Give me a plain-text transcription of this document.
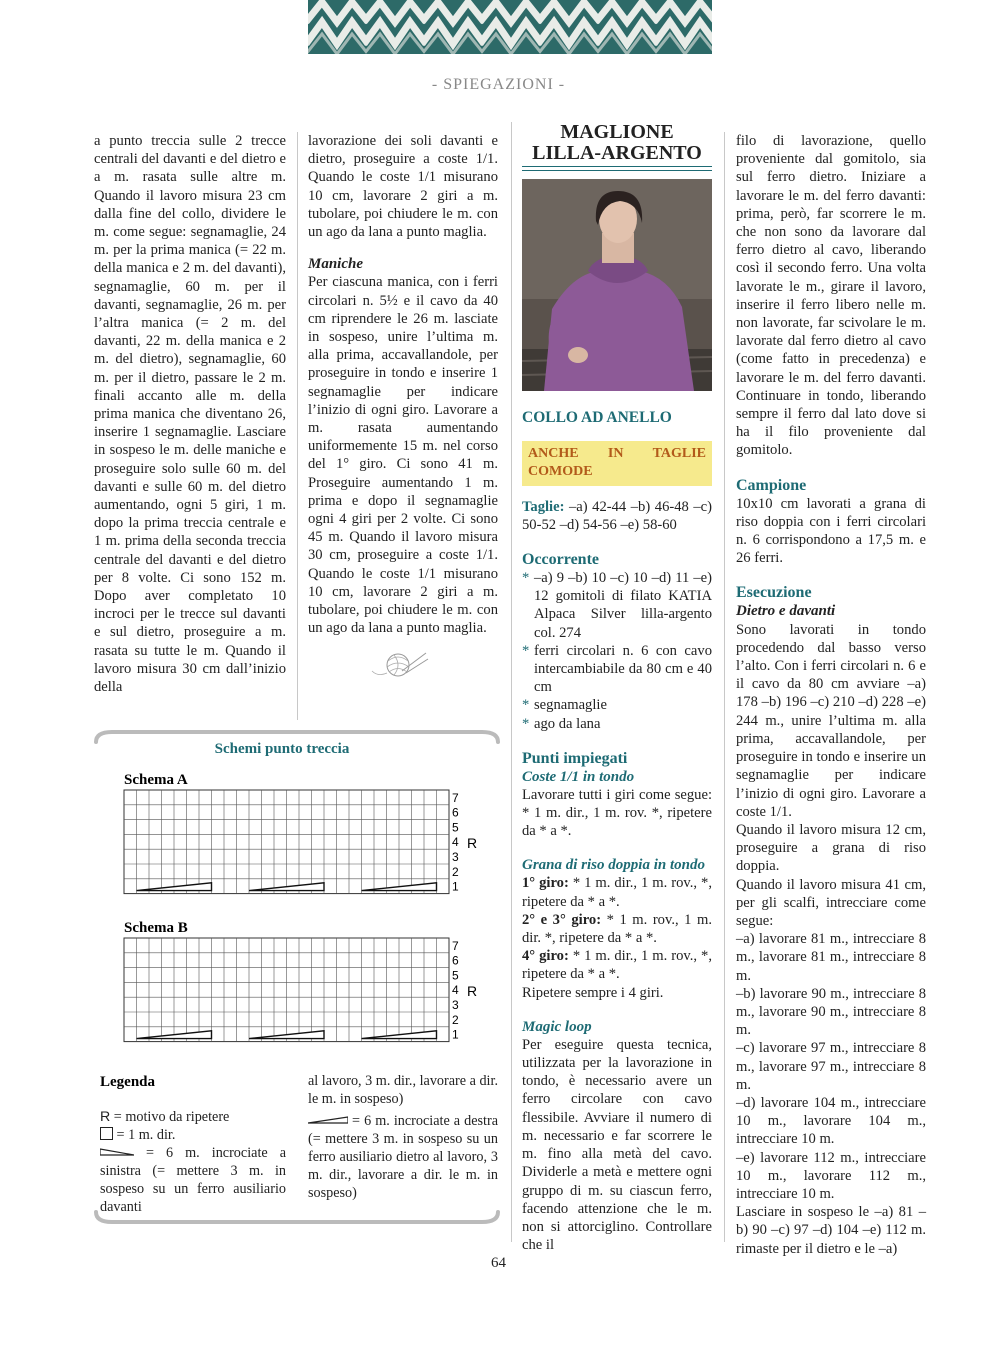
- SPIEGAZIONI -

a punto treccia sulle 2 trecce centrali del davanti e del dietro e a m. rasata sulle altre m. Quando il lavoro misura 23 cm dalla fine del collo, dividere le m. come segue: segnamaglie, 24 m. per la prima manica (= 22 m. della manica e 2 m. del davanti), segnamaglie, 60 m. per il davanti, segnamaglie, 26 m. per l’altra manica (= 2 m. del davanti, 22 m. della manica e 2 m. del dietro), segnamaglie, 60 m. per il dietro, passare le 2 m. finali accanto alle m. della prima manica che diventano 26, inserire 1 segnamaglie. Lasciare in sospeso le m. delle maniche e proseguire solo sulle 60 m. del davanti e sulle 60 m. del dietro aumentando, ogni 5 giri, 1 m. dopo la prima treccia centrale e 1 m. prima della seconda treccia centrale del davanti e del dietro per 8 volte. Ci sono 152 m. Dopo aver completato 10 incroci per le trecce sul davanti e sul dietro, proseguire a m. rasata su tutte le m. Quando il lavoro misura 30 cm dall’inizio della

lavorazione dei soli davanti e dietro, proseguire a coste 1/1. Quando le coste 1/1 misurano 10 cm, lavorare 2 giri a m. tubolare, poi chiudere le m. con un ago da lana a punto maglia.

Maniche

Per ciascuna manica, con i ferri circolari n. 5½ e il cavo da 40 cm riprendere le 26 m. lasciate in sospeso, unire l’ultima m. alla prima, accavallandole, per proseguire in tondo e inserire 1 segnamaglie per indicare l’inizio di ogni giro. Lavorare a m. rasata aumentando uniformemente 15 m. nel corso del 1° giro. Ci sono 41 m. Proseguire aumentando 1 m. prima e dopo il segnamaglie ogni 4 giri per 2 volte. Ci sono 45 m. Quando il lavoro misura 30 cm, proseguire a coste 1/1. Quando le coste 1/1 misurano 10 cm, lavorare 2 giri a m. tubolare, poi chiudere le m. con un ago da lana a punto maglia.

MAGLIONE
LILLA-ARGENTO
COLLO AD ANELLO
ANCHE IN TAGLIE COMODE

Taglie: –a) 42-44 –b) 46-48 –c) 50-52 –d) 54-56 –e) 58-60

Occorrente
* –a) 9 –b) 10 –c) 10 –d) 11 –e) 12 gomitoli di filato KATIA Alpaca Silver lilla-argento col. 274
* ferri circolari n. 6 con cavo intercambiabile da 80 cm e 40 cm
* segnamaglie
* ago da lana
Punti impiegati
Coste 1/1 in tondo

Lavorare tutti i giri come segue: * 1 m. dir., 1 m. rov. *, ripetere da * a *.

Grana di riso doppia in tondo

1° giro: * 1 m. dir., 1 m. rov., *, ripetere da * a *.

2° e 3° giro: * 1 m. rov., 1 m. dir. *, ripetere da * a *.

4° giro: * 1 m. dir., 1 m. rov., *, ripetere da * a *.

Ripetere sempre i 4 giri.

Magic loop

Per eseguire questa tecnica, utilizzata per la lavorazione in tondo, è necessario avere un ferro circolare con cavo flessibile. Avviare il numero di m. necessario e far scorrere le m. fino alla metà del cavo. Dividerle a metà e mettere ogni gruppo di m. su ciascun ferro, facendo attenzione che le m. non si attorciglino. Controllare che il

filo di lavorazione, quello proveniente dal gomitolo, sia sul ferro dietro. Iniziare a lavorare le m. del ferro davanti: prima, però, far scorrere le m. che non sono da lavorare dal ferro dietro al cavo, liberando così il secondo ferro. Una volta lavorate le m., girare il lavoro, inserire il ferro libero nelle m. non lavorate, far scivolare le m. lavorate dal ferro dietro al cavo (come fatto in precedenza) e lavorare le m. del ferro davanti. Continuare in tondo, liberando sempre il ferro dal lato dove si ha il filo proveniente dal gomitolo.

Campione

10x10 cm lavorati a grana di riso doppia con i ferri circolari n. 6 corrispondono a 17,5 m. e 26 ferri.

Esecuzione
Dietro e davanti

Sono lavorati in tondo procedendo dal basso verso l’alto. Con i ferri circolari n. 6 e il cavo da 80 cm avviare –a) 178 –b) 196 –c) 210 –d) 228 –e) 244 m., unire l’ultima m. alla prima, accavallandole, per proseguire in tondo e inserire un segnamaglie per indicare l’inizio di ogni giro. Lavorare a coste 1/1.

Quando il lavoro misura 12 cm, proseguire a grana di riso doppia.

Quando il lavoro misura 41 cm, per gli scalfi, intrecciare come segue:

–a) lavorare 81 m., intrecciare 8 m., lavorare 81 m., intrecciare 8 m.

–b) lavorare 90 m., intrecciare 8 m., lavorare 90 m., intrecciare 8 m.

–c) lavorare 97 m., intrecciare 8 m., lavorare 97 m., intrecciare 8 m.

–d) lavorare 104 m., intrecciare 10 m., lavorare 104 m., intrecciare 10 m.

–e) lavorare 112 m., intrecciare 10 m., lavorare 112 m., intrecciare 10 m.

Lasciare in sospeso le –a) 81 –b) 90 –c) 97 –d) 104 –e) 112 m. rimaste per il dietro e le –a)

Schemi punto treccia
Schema A
1
2
3
4
5
6
7
R
Schema B
1
2
3
4
5
6
7
R
Legenda

R = motivo da ripetere

= 1 m. dir.

= 6 m. incrociate a sinistra (= mettere 3 m. in sospeso su un ferro ausiliario davanti

al lavoro, 3 m. dir., lavorare a dir. le m. in sospeso)

= 6 m. incrociate a destra (= mettere 3 m. in sospeso su un ferro ausiliario dietro al lavoro, 3 m. dir., lavorare a dir. le m. in sospeso)

64
